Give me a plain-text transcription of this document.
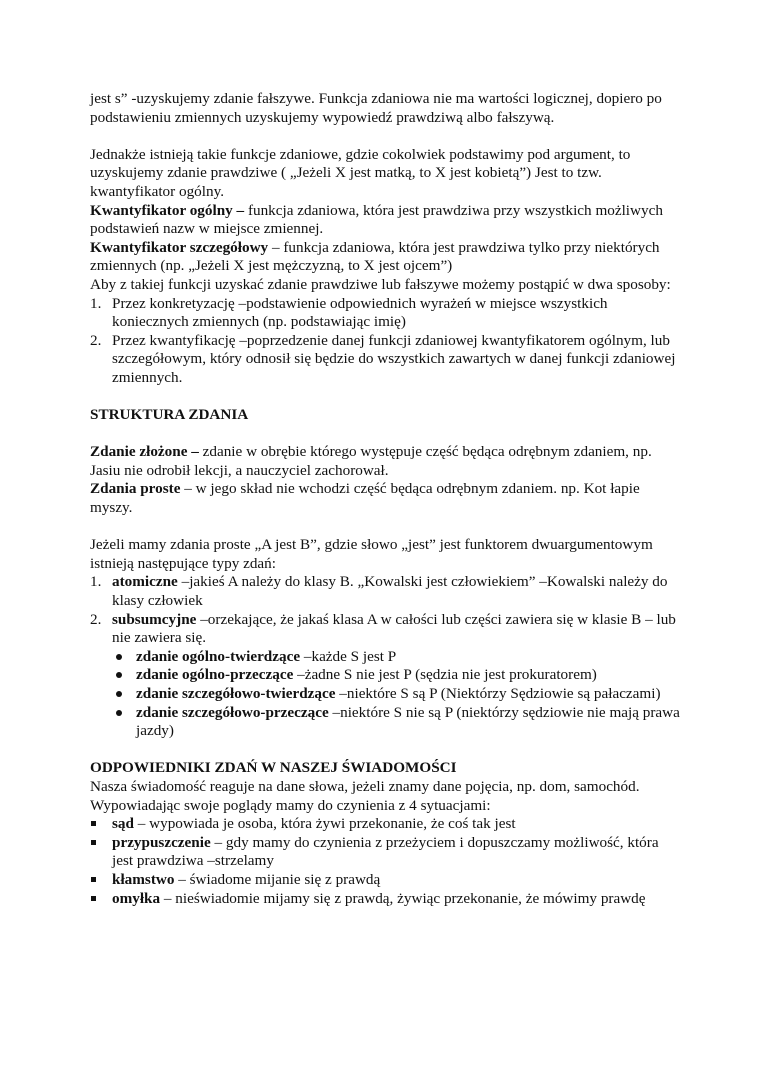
jest s” -uzyskujemy zdanie fałszywe. Funkcja zdaniowa nie ma wartości logicznej, dopiero po podstawieniu zmiennych uzyskujemy wypowiedź prawdziwą albo fałszywą.

Jednakże istnieją takie funkcje zdaniowe, gdzie cokolwiek podstawimy pod argument, to uzyskujemy zdanie prawdziwe ( „Jeżeli X jest matką, to X jest kobietą”) Jest to tzw. kwantyfikator ogólny.

Kwantyfikator ogólny – funkcja zdaniowa, która jest prawdziwa przy wszystkich możliwych podstawień nazw w miejsce zmiennej.

Kwantyfikator szczegółowy – funkcja zdaniowa, która jest prawdziwa tylko przy niektórych zmiennych (np. „Jeżeli X jest mężczyzną, to X jest ojcem”)

Aby z takiej funkcji uzyskać zdanie prawdziwe lub fałszywe możemy postąpić w dwa sposoby:

1. Przez konkretyzację –podstawienie odpowiednich wyrażeń w miejsce wszystkich koniecznych zmiennych (np. podstawiając imię)
2. Przez kwantyfikację –poprzedzenie danej funkcji zdaniowej kwantyfikatorem ogólnym, lub szczegółowym, który odnosił się będzie do wszystkich zawartych w danej funkcji zdaniowej zmiennych.
STRUKTURA ZDANIA

Zdanie złożone – zdanie w obrębie którego występuje część będąca odrębnym zdaniem, np. Jasiu nie odrobił lekcji, a nauczyciel zachorował.

Zdania proste – w jego skład nie wchodzi część będąca odrębnym zdaniem. np. Kot łapie myszy.

Jeżeli mamy zdania proste „A jest B”, gdzie słowo „jest” jest funktorem dwuargumentowym istnieją następujące typy zdań:

1. atomiczne –jakieś A należy do klasy B. „Kowalski jest człowiekiem” –Kowalski należy do klasy człowiek
2. subsumcyjne –orzekające, że jakaś klasa A w całości lub części zawiera się w klasie B – lub nie zawiera się.
zdanie ogólno-twierdzące –każde S jest P
zdanie ogólno-przeczące –żadne S nie jest P (sędzia nie jest prokuratorem)
zdanie szczegółowo-twierdzące –niektóre S są P (Niektórzy Sędziowie są pałaczami)
zdanie szczegółowo-przeczące –niektóre S nie są P (niektórzy sędziowie nie mają prawa jazdy)
ODPOWIEDNIKI ZDAŃ W NASZEJ ŚWIADOMOŚCI

Nasza świadomość reaguje na dane słowa, jeżeli znamy dane pojęcia, np. dom, samochód.

Wypowiadając swoje poglądy mamy do czynienia z 4 sytuacjami:

sąd – wypowiada je osoba, która żywi przekonanie, że coś tak jest
przypuszczenie – gdy mamy do czynienia z przeżyciem i dopuszczamy możliwość, która jest prawdziwa –strzelamy
kłamstwo – świadome mijanie się z prawdą
omyłka – nieświadomie mijamy się z prawdą, żywiąc przekonanie, że mówimy prawdę
